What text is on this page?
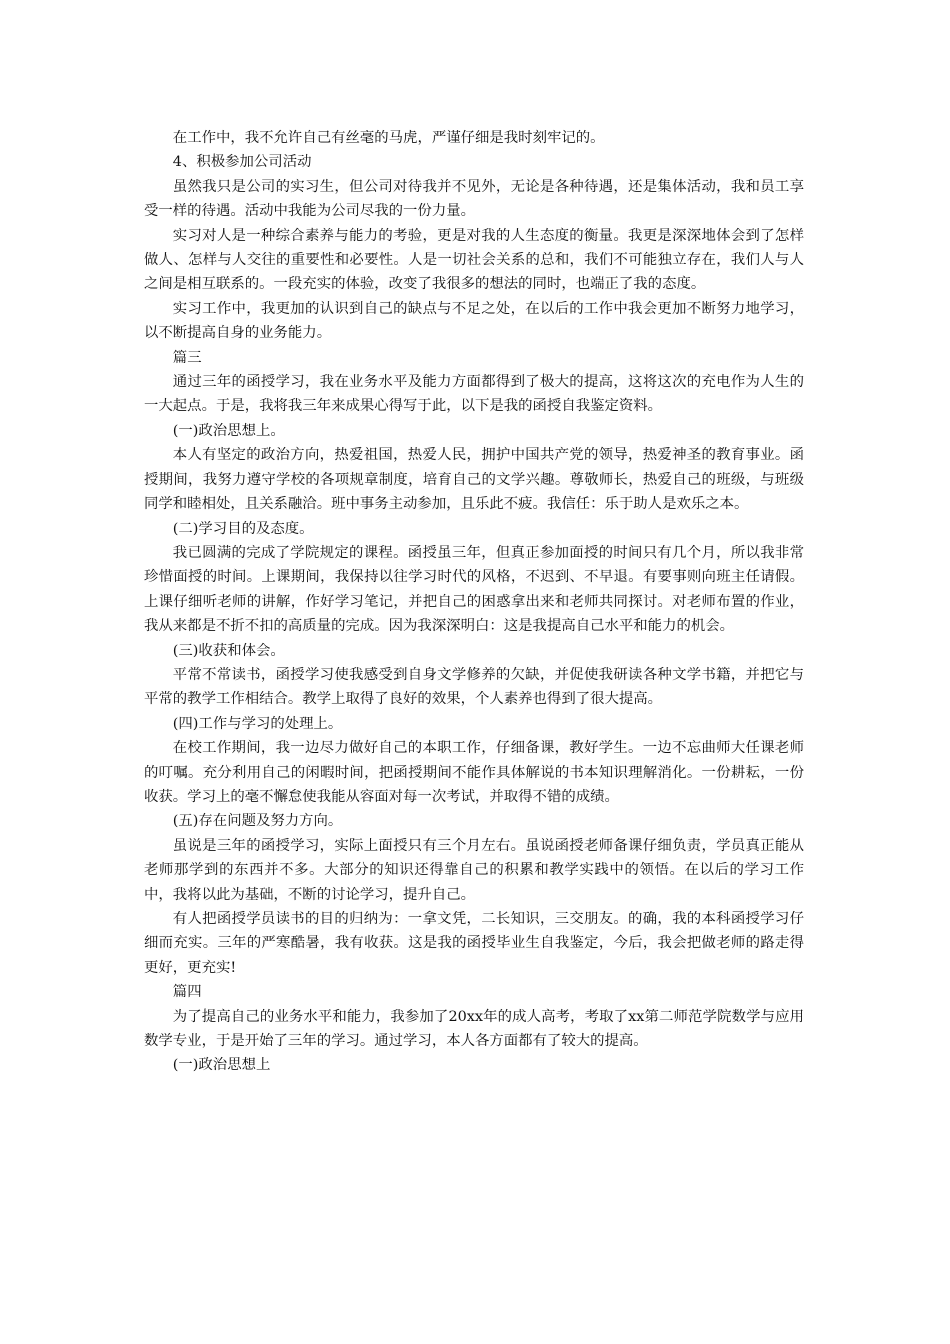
在工作中，我不允许自己有丝毫的马虎，严谨仔细是我时刻牢记的。

4、积极参加公司活动

虽然我只是公司的实习生，但公司对待我并不见外，无论是各种待遇，还是集体活动，我和员工享受一样的待遇。活动中我能为公司尽我的一份力量。

实习对人是一种综合素养与能力的考验，更是对我的人生态度的衡量。我更是深深地体会到了怎样做人、怎样与人交往的重要性和必要性。人是一切社会关系的总和，我们不可能独立存在，我们人与人之间是相互联系的。一段充实的体验，改变了我很多的想法的同时，也端正了我的态度。

实习工作中，我更加的认识到自己的缺点与不足之处，在以后的工作中我会更加不断努力地学习，以不断提高自身的业务能力。

篇三

通过三年的函授学习，我在业务水平及能力方面都得到了极大的提高，这将这次的充电作为人生的一大起点。于是，我将我三年来成果心得写于此，以下是我的函授自我鉴定资料。

(一)政治思想上。

本人有坚定的政治方向，热爱祖国，热爱人民，拥护中国共产党的领导，热爱神圣的教育事业。函授期间，我努力遵守学校的各项规章制度，培育自己的文学兴趣。尊敬师长，热爱自己的班级，与班级同学和睦相处，且关系融洽。班中事务主动参加，且乐此不疲。我信任：乐于助人是欢乐之本。

(二)学习目的及态度。

我已圆满的完成了学院规定的课程。函授虽三年，但真正参加面授的时间只有几个月，所以我非常珍惜面授的时间。上课期间，我保持以往学习时代的风格，不迟到、不早退。有要事则向班主任请假。上课仔细听老师的讲解，作好学习笔记，并把自己的困惑拿出来和老师共同探讨。对老师布置的作业，我从来都是不折不扣的高质量的完成。因为我深深明白：这是我提高自己水平和能力的机会。

(三)收获和体会。

平常不常读书，函授学习使我感受到自身文学修养的欠缺，并促使我研读各种文学书籍，并把它与平常的教学工作相结合。教学上取得了良好的效果，个人素养也得到了很大提高。

(四)工作与学习的处理上。

在校工作期间，我一边尽力做好自己的本职工作，仔细备课，教好学生。一边不忘曲师大任课老师的叮嘱。充分利用自己的闲暇时间，把函授期间不能作具体解说的书本知识理解消化。一份耕耘，一份收获。学习上的毫不懈怠使我能从容面对每一次考试，并取得不错的成绩。

(五)存在问题及努力方向。

虽说是三年的函授学习，实际上面授只有三个月左右。虽说函授老师备课仔细负责，学员真正能从老师那学到的东西并不多。大部分的知识还得靠自己的积累和教学实践中的领悟。在以后的学习工作中，我将以此为基础，不断的讨论学习，提升自己。

有人把函授学员读书的目的归纳为：一拿文凭，二长知识，三交朋友。的确，我的本科函授学习仔细而充实。三年的严寒酷暑，我有收获。这是我的函授毕业生自我鉴定，今后，我会把做老师的路走得更好，更充实!

篇四

为了提高自己的业务水平和能力，我参加了20xx年的成人高考，考取了xx第二师范学院数学与应用数学专业，于是开始了三年的学习。通过学习，本人各方面都有了较大的提高。

(一)政治思想上
